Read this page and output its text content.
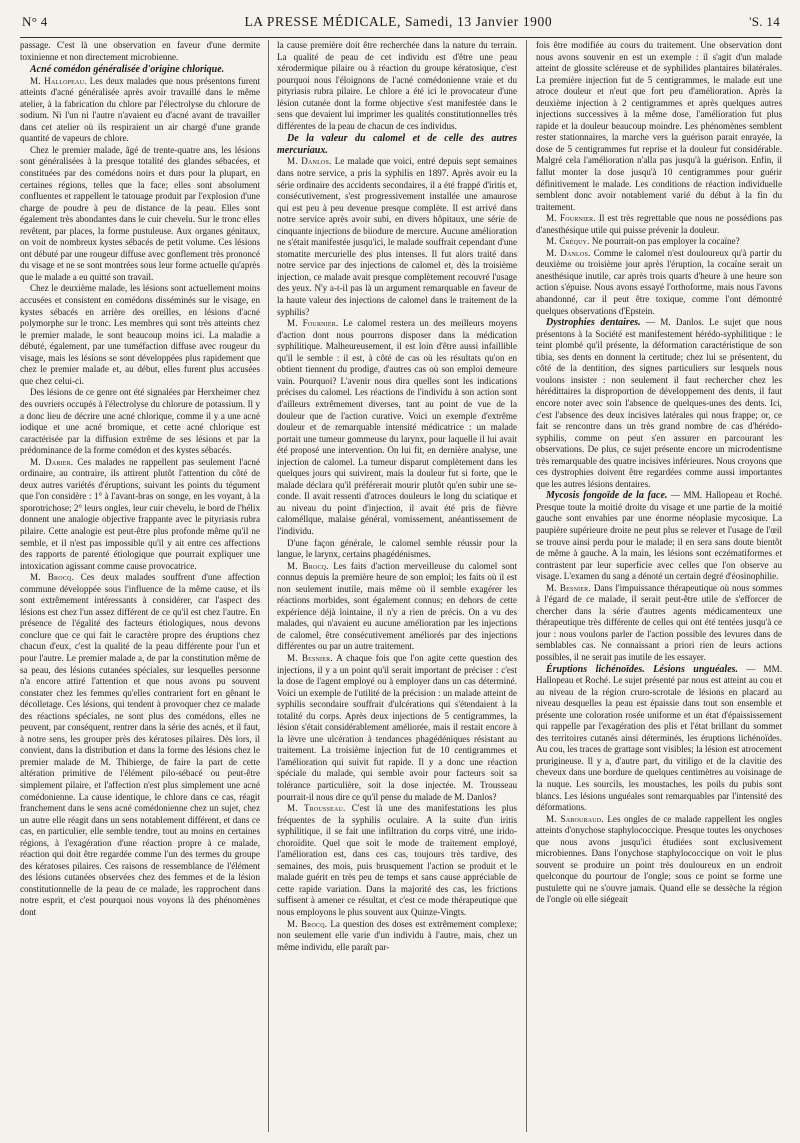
N° 4	LA PRESSE MÉDICALE, Samedi, 13 Janvier 1900	'S. 14

passage. C'est là une observation en faveur d'une dermite toxinienne et non directement microbienne.

Acné comédon généralisée d'origine chlorique.

M. Hallopeau. Les deux malades que nous présentons furent atteints d'acné généralisée après avoir travaillé dans le même atelier, à la fabrication du chlore par l'électrolyse du chlorure de sodium. Ni l'un ni l'autre n'avaient eu d'acné avant de travailler dans cet atelier où ils respiraient un air chargé d'une grande quantité de vapeurs de chlore.

Chez le premier malade, âgé de trente-quatre ans, les lésions sont généralisées à la presque totalité des glandes sébacées, et constituées par des comédons noirs et durs pour la plupart, en certaines régions, telles que la face; elles sont absolument confluentes et rappellent le tatouage produit par l'explosion d'une charge de poudre à peu de distance de la peau. Elles sont également très abondantes dans le cuir chevelu. Sur le tronc elles revêtent, par places, la forme pustuleuse. Aux organes génitaux, on voit de nombreux kystes sébacés de petit volume. Ces lésions ont débuté par une rougeur diffuse avec gonflement très prononcé du visage et ne se sont montrées sous leur forme actuelle qu'après que le malade a eu quitté son travail.

Chez le deuxième malade, les lésions sont actuellement moins accusées et consistent en comédons disséminés sur le visage, en kystes sébacés en arrière des oreilles, en lésions d'acné polymorphe sur le tronc. Les membres qui sont très atteints chez le premier malade, le sont beaucoup moins ici. La maladie a débuté, également, par une tuméfaction diffuse avec rougeur du visage, mais les lésions se sont développées plus rapidement que chez le premier malade et, au début, elles furent plus accusées que chez celui-ci.

Des lésions de ce genre ont été signalées par Herxheimer chez des ouvriers occupés à l'électrolyse du chlorure de potassium. Il y a donc lieu de décrire une acné chlorique, comme il y a une acné iodique et une acné bromique, et cette acné chlorique est caractérisée par la diffusion extrême de ses lésions et par la prédominance de la forme comédon et des kystes sébacés.

M. Darier. Ces malades ne rappellent pas seulement l'acné ordinaire, au contraire, ils attirent plutôt l'attention du côté de deux autres variétés d'éruptions, suivant les points du tégument que l'on considère : 1° à l'avant-bras on songe, en les voyant, à la sporotrichose; 2° leurs ongles, leur cuir chevelu, le bord de l'hélix donnent une analogie objective frappante avec le pityriasis rubra pilaire. Cette analogie est peut-être plus profonde même qu'il ne semble, et il n'est pas impossible qu'il y ait entre ces affections des rapports de parenté étiologique que pourrait expliquer une intoxication agissant comme cause provocatrice.

M. Brocq. Ces deux malades souffrent d'une affection commune développée sous l'influence de la même cause, et ils sont extrêmement intéressants à considérer, car l'aspect des lésions est chez l'un assez différent de ce qu'il est chez l'autre. En présence de l'égalité des facteurs étiologiques, nous devons conclure que ce qui fait le caractère propre des éruptions chez chacun d'eux, c'est la qualité de la peau différente pour l'un et pour l'autre. Le premier malade a, de par la constitution même de sa peau, des lésions cutanées spéciales, sur lesquelles personne n'a encore attiré l'attention et que nous avons pu souvent constater chez les femmes qu'elles contrarient fort en gênant le décolletage. Ces lésions, qui tendent à provoquer chez ce malade des réactions spéciales, ne sont plus des comédons, elles ne peuvent, par conséquent, rentrer dans la série des acnés, et il faut, à notre sens, les grouper près des kératoses pilaires. Dès lors, il convient, dans la distribution et dans la forme des lésions chez le premier malade de M. Thibierge, de faire la part de cette altération primitive de l'élément pilo-sébacé ou peut-être simplement pilaire, et l'affection n'est plus simplement une acné comédonienne. La cause identique, le chlore dans ce cas, réagit franchement dans le sens acné comédonienne chez un sujet, chez un autre elle réagit dans un sens notablement différent, et dans ce cas, en particulier, elle semble tendre, tout au moins en certaines régions, à l'exagération d'une réaction propre à ce malade, réaction qui doit être regardée comme l'un des termes du groupe des kératoses pilaires. Ces raisons de ressemblance de l'élément des lésions cutanées observées chez des femmes et de la lésion constitutionnelle de la peau de ce malade, les rapprochent dans notre esprit, et c'est pourquoi nous voyons là des phénomènes dont

la cause première doit être recherchée dans la nature du terrain. La qualité de peau de cet individu est d'être une peau xérodermique pilaire ou à réaction du groupe kératosique, c'est pourquoi nous l'éloignons de l'acné comédonienne vraie et du pityriasis rubra pilaire. Le chlore a été ici le provocateur d'une lésion cutanée dont la forme objective s'est manifestée dans le sens que devaient lui imprimer les qualités constitutionnelles très différentes de la peau de chacun de ces individus.

De la valeur du calomel et de celle des autres mercuriaux.

M. Danlos. Le malade que voici, entré depuis sept semaines dans notre service, a pris la syphilis en 1897. Après avoir eu la série ordinaire des accidents secondaires, il a été frappé d'iritis et, consécutivement, s'est progressivement installée une amaurose qui est peu à peu devenue presque complète. Il est arrivé dans notre service après avoir subi, en divers hôpitaux, une série de cinquante injections de biiodure de mercure. Aucune amélioration ne s'était manifestée jusqu'ici, le malade souffrait cependant d'une stomatite mercurielle des plus intenses. Il fut alors traité dans notre service par des injections de calomel et, dès la troisième injection, ce malade avait presque complètement recouvré l'usage des yeux. N'y a-t-il pas là un argument remarquable en faveur de la haute valeur des injections de calomel dans le traitement de la syphilis?

M. Fournier. Le calomel restera un des meilleurs moyens d'action dont nous pourrons disposer dans la médication syphilitique. Malheureusement, il est loin d'être aussi infaillible qu'il le semble : il est, à côté de cas où les résultats qu'on en obtient tiennent du prodige, d'autres cas où son emploi demeure vain. Pourquoi? L'avenir nous dira quelles sont les indications précises du calomel. Les réactions de l'individu à son action sont d'ailleurs extrêmement diverses, tant au point de vue de la douleur que de l'action curative. Voici un exemple d'extrême douleur et de remarquable intensité médicatrice : un malade portait une tumeur gommeuse du larynx, pour laquelle il lui avait été proposé une intervention. On lui fit, en dernière analyse, une injection de calomel. La tumeur disparut complètement dans les quelques jours qui suivirent, mais la douleur fut si forte, que le malade déclara qu'il préférerait mourir plutôt qu'en subir une seconde. Il avait ressenti d'atroces douleurs le long du sciatique et au niveau du point d'injection, il avait été pris de fièvre caloméllque, malaise général, vomissement, anéantissement de l'individu.

D'une façon générale, le calomel semble réussir pour la langue, le larynx, certains phagédénismes.

M. Brocq. Les faits d'action merveilleuse du calomel sont connus depuis la première heure de son emploi; les faits où il est non seulement inutile, mais même où il semble exagérer les réactions morbides, sont également connus; en dehors de cette expérience déjà lointaine, il n'y a rien de précis. On a vu des malades, qui n'avaient eu aucune amélioration par les injections de calomel, être consécutivement améliorés par des injections différentes ou par un autre traitement.

M. Besnier. A chaque fois que l'on agite cette question des injections, il y a un point qu'il serait important de préciser : c'est la dose de l'agent employé ou à employer dans un cas déterminé. Voici un exemple de l'utilité de la précision : un malade atteint de syphilis secondaire souffrait d'ulcérations qui s'étendaient à la totalité du corps. Après deux injections de 5 centigrammes, la lésion s'était considérablement améliorée, mais il restait encore à la lèvre une ulcération à tendances phagédéniques résistant au traitement. La troisième injection fut de 10 centigrammes et l'amélioration qui suivit fut rapide. Il y a donc une réaction spéciale du malade, qui semble avoir pour facteurs soit sa tolérance particulière, soit la dose injectée. M. Trousseau pourrait-il nous dire ce qu'il pense du malade de M. Danlos?

M. Trousseau. C'est là une des manifestations les plus fréquentes de la syphilis oculaire. A la suite d'un iritis syphilitique, il se fait une infiltration du corps vitré, une irido-choroïdite. Quel que soit le mode de traitement employé, l'amélioration est, dans ces cas, toujours très tardive, des semaines, des mois, puis brusquement l'action se produit et le malade guérit en très peu de temps et sans cause appréciable de cette rapide variation. Dans la majorité des cas, les frictions suffisent à amener ce résultat, et c'est ce mode thérapeutique que nous employons le plus souvent aux Quinze-Vingts.

M. Brocq. La question des doses est extrêmement complexe; non seulement elle varie d'un individu à l'autre, mais, chez un même individu, elle paraît par-

fois être modifiée au cours du traitement. Une observation dont nous avons souvenir en est un exemple : il s'agit d'un malade atteint de glossite scléreuse et de syphilides plantaires bilatérales. La première injection fut de 5 centigrammes, le malade eut une atroce douleur et n'eut que fort peu d'amélioration. Après la deuxième injection à 2 centigrammes et après quelques autres injections successives à la même dose, l'amélioration fut plus rapide et la douleur beaucoup moindre. Les phénomènes semblent rester stationnaires, la marche vers la guérison parait enrayée, la dose de 5 centigrammes fut reprise et la douleur fut considérable. Malgré cela l'amélioration n'alla pas jusqu'à la guérison. Enfin, il fallut monter la dose jusqu'à 10 centigrammes pour guérir définitivement le malade. Les conditions de réaction individuelle semblent donc avoir notablement varié du début à la fin du traitement.

M. Fournier. Il est très regrettable que nous ne possédions pas d'anesthésique utile qui puisse prévenir la douleur.

M. Créquy. Ne pourrait-on pas employer la cocaïne?

M. Danlos. Comme le calomel n'est douloureux qu'à partir du deuxième ou troisième jour après l'éruption, la cocaïne serait un anesthésique inutile, car après trois quarts d'heure à une heure son action s'épuise. Nous avons essayé l'orthoforme, mais nous l'avons abandonné, car il peut être toxique, comme l'ont démontré quelques observations d'Epstein.

Dystrophies dentaires. — M. Danlos. Le sujet que nous présentons à la Société est manifestement hérédo-syphilitique : le teint plombé qu'il présente, la déformation caractéristique de son tibia, ses dents en donnent la certitude; chez lui se présentent, du côté de la dentition, des signes particuliers sur lesquels nous voulons insister : non seulement il faut rechercher chez les hérédittaires la disproportion de développement des dents, il faut encore noter avec soin l'absence de quelques-unes des dents. Ici, c'est l'absence des deux incisives latérales qui nous frappe; or, ce fait se rencontre dans un très grand nombre de cas d'hérédo-syphilis, comme on peut s'en assurer en parcourant les observations. De plus, ce sujet présente encore un microdentisme très remarquable des quatre incisives inférieures. Nous croyons que ces dystrophies doivent être regardées comme aussi importantes que les autres lésions dentaires.

Mycosis fongoïde de la face. — MM. Hallopeau et Roché. Presque toute la moitié droite du visage et une partie de la moitié gauche sont envahies par une énorme néoplasie mycosique. La paupière supérieure droite ne peut plus se relever et l'usage de l'œil se trouve ainsi perdu pour le malade; il en sera sans doute bientôt de même à gauche. A la main, les lésions sont eczématiformes et contrastent par leur superficie avec celles que l'on observe au visage. L'examen du sang a dénoté un certain degré d'éosinophilie.

M. Besnier. Dans l'impuissance thérapeutique où nous sommes à l'égard de ce malade, il serait peut-être utile de s'efforcer de chercher dans la série d'autres agents médicamenteux une thérapeutique très différente de celles qui ont été tentées jusqu'à ce jour : nous voulons parler de l'action possible des levures dans de semblables cas. Ne connaissant a priori rien de leurs actions possibles, il ne serait pas inutile de les essayer.

Éruptions lichénoïdes. Lésions unguéales. — MM. Hallopeau et Roché. Le sujet présenté par nous est atteint au cou et au niveau de la région cruro-scrotale de lésions en placard au niveau desquelles la peau est épaissie dans tout son ensemble et présente une coloration rosée uniforme et un état d'épaississement qui rappelle par l'exagération des plis et l'état brillant du sommet des territoires cutanés ainsi déterminés, les éruptions lichénoïdes. Au cou, les traces de grattage sont visibles; la lésion est atrocement prurigineuse. Il y a, d'autre part, du vitiligo et de la clavitie des cheveux dans une bordure de quelques centimètres au voisinage de la nuque. Les sourcils, les moustaches, les poils du pubis sont blancs. Les lésions unguéales sont remarquables par l'intensité des déformations.

M. Sabouraud. Les ongles de ce malade rappellent les ongles atteints d'onychose staphylococcique. Presque toutes les onychoses que nous avons jusqu'ici étudiées sont exclusivement microbiennes. Dans l'onychose staphylococcique on voit le plus souvent se produire un point très douloureux en un endroit quelconque du pourtour de l'ongle; sous ce point se forme une pustulette qui ne s'ouvre jamais. Quand elle se dessèche la région de l'ongle où elle siégeait
